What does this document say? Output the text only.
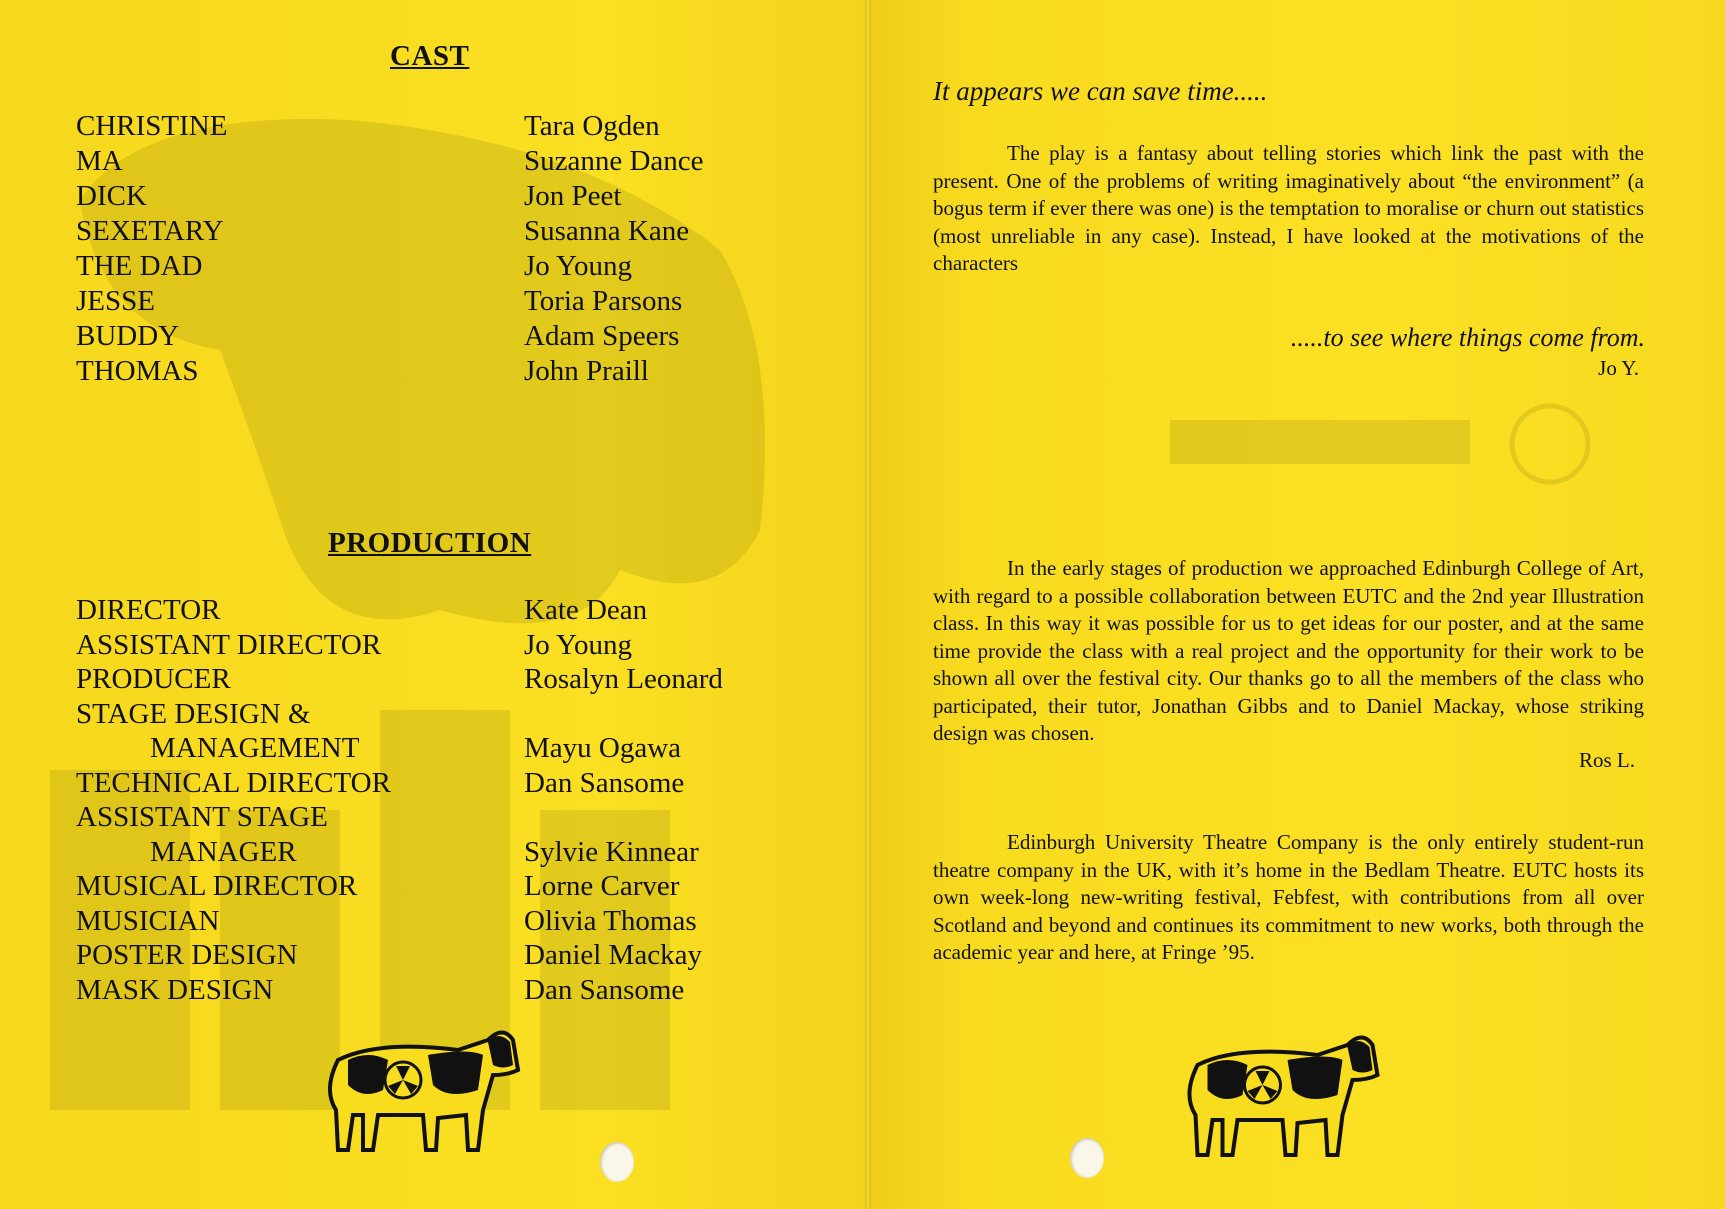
CAST
CHRISTINE	Tara Ogden
MA	Suzanne Dance
DICK	Jon Peet
SEXETARY	Susanna Kane
THE DAD	Jo Young
JESSE	Toria Parsons
BUDDY	Adam Speers
THOMAS	John Praill
PRODUCTION
DIRECTOR	Kate Dean
ASSISTANT DIRECTOR	Jo Young
PRODUCER	Rosalyn Leonard
STAGE DESIGN &
MANAGEMENT	Mayu Ogawa
TECHNICAL DIRECTOR	Dan Sansome
ASSISTANT STAGE
MANAGER	Sylvie Kinnear
MUSICAL DIRECTOR	Lorne Carver
MUSICIAN	Olivia Thomas
POSTER DESIGN	Daniel Mackay
MASK DESIGN	Dan Sansome
It appears we can save time.....
The play is a fantasy about telling stories which link the past with the present. One of the problems of writing imaginatively about “the environment” (a bogus term if ever there was one) is the temptation to moralise or churn out statistics (most unreliable in any case). Instead, I have looked at the motivations of the characters
.....to see where things come from.
Jo Y.
In the early stages of production we approached Edinburgh College of Art, with regard to a possible collaboration between EUTC and the 2nd year Illustration class. In this way it was possible for us to get ideas for our poster, and at the same time provide the class with a real project and the opportunity for their work to be shown all over the festival city. Our thanks go to all the members of the class who participated, their tutor, Jonathan Gibbs and to Daniel Mackay, whose striking design was chosen.
Ros L.
Edinburgh University Theatre Company is the only entirely student-run theatre company in the UK, with it’s home in the Bedlam Theatre. EUTC hosts its own week-long new-writing festival, Febfest, with contributions from all over Scotland and beyond and continues its commitment to new works, both through the academic year and here, at Fringe ’95.
